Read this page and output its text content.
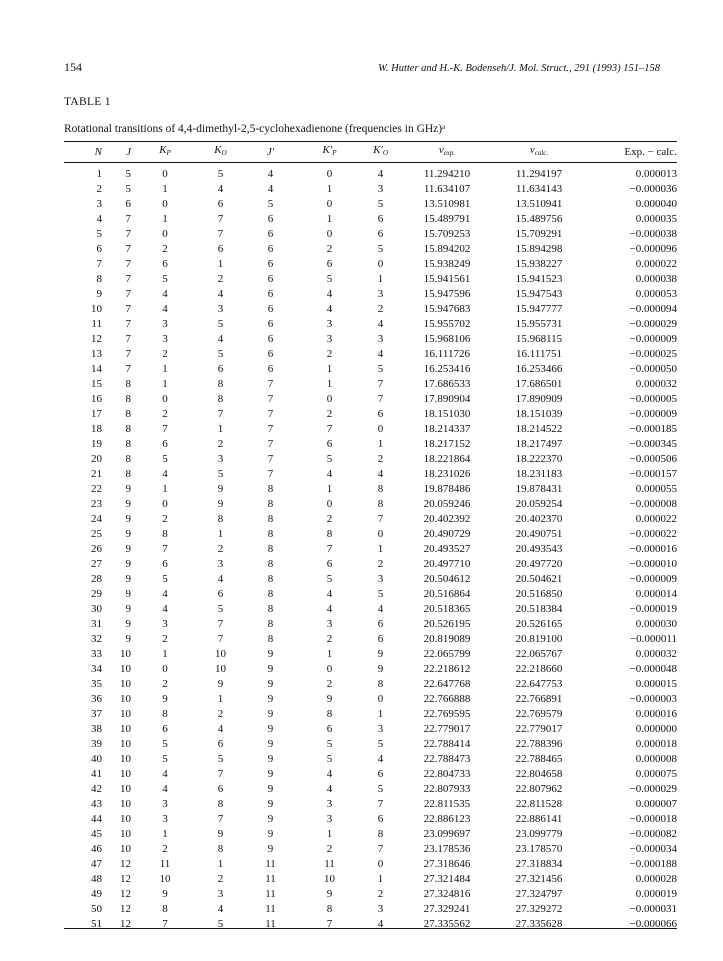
154	W. Hutter and H.-K. Bodenseh/J. Mol. Struct., 291 (1993) 151–158
TABLE 1
Rotational transitions of 4,4-dimethyl-2,5-cyclohexadienone (frequencies in GHz)ᵃ
N	J	$K_P$	$K_O$	J′	$K'_P$	$K'_O$	$\nu_{exp.}$	$\nu_{calc.}$	Exp. − calc.
1	5	0	5	4	0	4	11.294210	11.294197	0.000013
2	5	1	4	4	1	3	11.634107	11.634143	−0.000036
3	6	0	6	5	0	5	13.510981	13.510941	0.000040
4	7	1	7	6	1	6	15.489791	15.489756	0.000035
5	7	0	7	6	0	6	15.709253	15.709291	−0.000038
6	7	2	6	6	2	5	15.894202	15.894298	−0.000096
7	7	6	1	6	6	0	15.938249	15.938227	0.000022
8	7	5	2	6	5	1	15.941561	15.941523	0.000038
9	7	4	4	6	4	3	15.947596	15.947543	0.000053
10	7	4	3	6	4	2	15.947683	15.947777	−0.000094
11	7	3	5	6	3	4	15.955702	15.955731	−0.000029
12	7	3	4	6	3	3	15.968106	15.968115	−0.000009
13	7	2	5	6	2	4	16.111726	16.111751	−0.000025
14	7	1	6	6	1	5	16.253416	16.253466	−0.000050
15	8	1	8	7	1	7	17.686533	17.686501	0.000032
16	8	0	8	7	0	7	17.890904	17.890909	−0.000005
17	8	2	7	7	2	6	18.151030	18.151039	−0.000009
18	8	7	1	7	7	0	18.214337	18.214522	−0.000185
19	8	6	2	7	6	1	18.217152	18.217497	−0.000345
20	8	5	3	7	5	2	18.221864	18.222370	−0.000506
21	8	4	5	7	4	4	18.231026	18.231183	−0.000157
22	9	1	9	8	1	8	19.878486	19.878431	0.000055
23	9	0	9	8	0	8	20.059246	20.059254	−0.000008
24	9	2	8	8	2	7	20.402392	20.402370	0.000022
25	9	8	1	8	8	0	20.490729	20.490751	−0.000022
26	9	7	2	8	7	1	20.493527	20.493543	−0.000016
27	9	6	3	8	6	2	20.497710	20.497720	−0.000010
28	9	5	4	8	5	3	20.504612	20.504621	−0.000009
29	9	4	6	8	4	5	20.516864	20.516850	0.000014
30	9	4	5	8	4	4	20.518365	20.518384	−0.000019
31	9	3	7	8	3	6	20.526195	20.526165	0.000030
32	9	2	7	8	2	6	20.819089	20.819100	−0.000011
33	10	1	10	9	1	9	22.065799	22.065767	0.000032
34	10	0	10	9	0	9	22.218612	22.218660	−0.000048
35	10	2	9	9	2	8	22.647768	22.647753	0.000015
36	10	9	1	9	9	0	22.766888	22.766891	−0.000003
37	10	8	2	9	8	1	22.769595	22.769579	0.000016
38	10	6	4	9	6	3	22.779017	22.779017	0.000000
39	10	5	6	9	5	5	22.788414	22.788396	0.000018
40	10	5	5	9	5	4	22.788473	22.788465	0.000008
41	10	4	7	9	4	6	22.804733	22.804658	0.000075
42	10	4	6	9	4	5	22.807933	22.807962	−0.000029
43	10	3	8	9	3	7	22.811535	22.811528	0.000007
44	10	3	7	9	3	6	22.886123	22.886141	−0.000018
45	10	1	9	9	1	8	23.099697	23.099779	−0.000082
46	10	2	8	9	2	7	23.178536	23.178570	−0.000034
47	12	11	1	11	11	0	27.318646	27.318834	−0.000188
48	12	10	2	11	10	1	27.321484	27.321456	0.000028
49	12	9	3	11	9	2	27.324816	27.324797	0.000019
50	12	8	4	11	8	3	27.329241	27.329272	−0.000031
51	12	7	5	11	7	4	27.335562	27.335628	−0.000066
